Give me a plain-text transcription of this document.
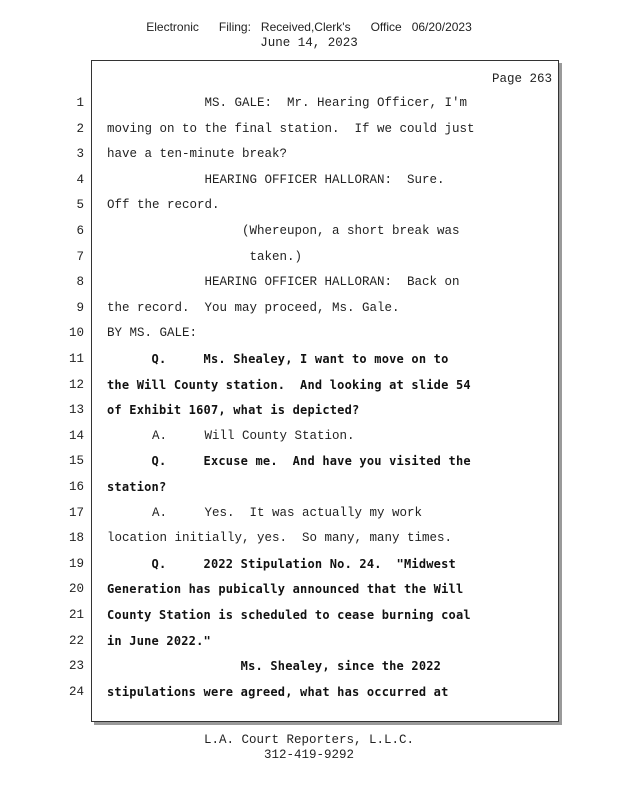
Electronic      Filing:   Received,Clerk's      Office   06/20/2023
June 14, 2023
Page 263
1 MS. GALE:  Mr. Hearing Officer, I'm
2 moving on to the final station.  If we could just
3 have a ten-minute break?
4 HEARING OFFICER HALLORAN:  Sure.
5 Off the record.
6 (Whereupon, a short break was
7 taken.)
8 HEARING OFFICER HALLORAN:  Back on
9 the record.  You may proceed, Ms. Gale.
10 BY MS. GALE:
11 Q.     Ms. Shealey, I want to move on to
12 the Will County station.  And looking at slide 54
13 of Exhibit 1607, what is depicted?
14 A.     Will County Station.
15 Q.     Excuse me.  And have you visited the
16 station?
17 A.     Yes.  It was actually my work
18 location initially, yes.  So many, many times.
19 Q.     2022 Stipulation No. 24.  "Midwest
20 Generation has pubically announced that the Will
21 County Station is scheduled to cease burning coal
22 in June 2022."
23 Ms. Shealey, since the 2022
24 stipulations were agreed, what has occurred at
L.A. Court Reporters, L.L.C.
312-419-9292
